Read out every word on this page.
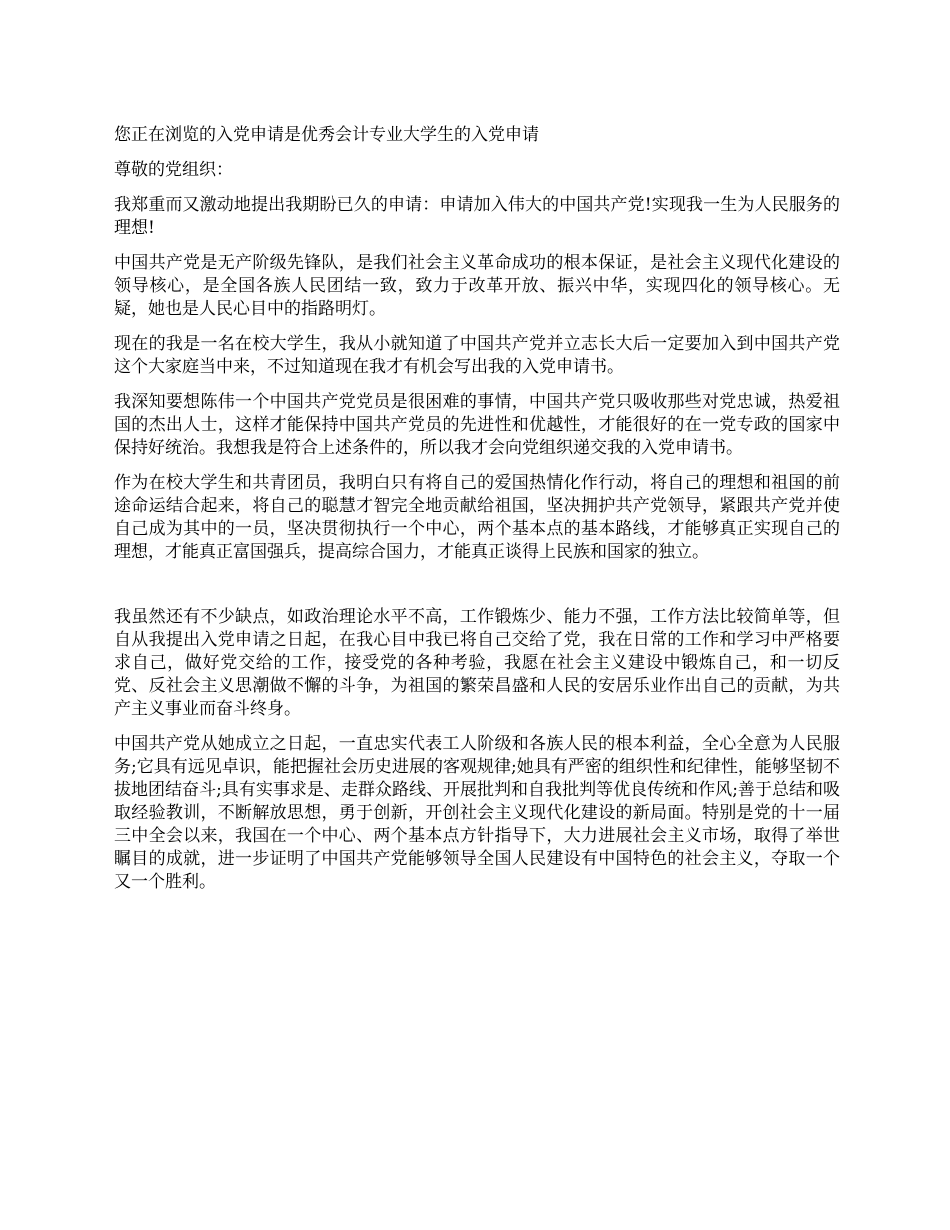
您正在浏览的入党申请是优秀会计专业大学生的入党申请

尊敬的党组织：

我郑重而又激动地提出我期盼已久的申请：申请加入伟大的中国共产党!实现我一生为人民服务的理想!

中国共产党是无产阶级先锋队，是我们社会主义革命成功的根本保证，是社会主义现代化建设的领导核心，是全国各族人民团结一致，致力于改革开放、振兴中华，实现四化的领导核心。无疑，她也是人民心目中的指路明灯。

现在的我是一名在校大学生，我从小就知道了中国共产党并立志长大后一定要加入到中国共产党这个大家庭当中来，不过知道现在我才有机会写出我的入党申请书。

我深知要想陈伟一个中国共产党党员是很困难的事情，中国共产党只吸收那些对党忠诚，热爱祖国的杰出人士，这样才能保持中国共产党员的先进性和优越性，才能很好的在一党专政的国家中保持好统治。我想我是符合上述条件的，所以我才会向党组织递交我的入党申请书。

作为在校大学生和共青团员，我明白只有将自己的爱国热情化作行动，将自己的理想和祖国的前途命运结合起来，将自己的聪慧才智完全地贡献给祖国，坚决拥护共产党领导，紧跟共产党并使自己成为其中的一员，坚决贯彻执行一个中心，两个基本点的基本路线，才能够真正实现自己的理想，才能真正富国强兵，提高综合国力，才能真正谈得上民族和国家的独立。

我虽然还有不少缺点，如政治理论水平不高，工作锻炼少、能力不强，工作方法比较简单等，但自从我提出入党申请之日起，在我心目中我已将自己交给了党，我在日常的工作和学习中严格要求自己，做好党交给的工作，接受党的各种考验，我愿在社会主义建设中锻炼自己，和一切反党、反社会主义思潮做不懈的斗争，为祖国的繁荣昌盛和人民的安居乐业作出自己的贡献，为共产主义事业而奋斗终身。

中国共产党从她成立之日起，一直忠实代表工人阶级和各族人民的根本利益，全心全意为人民服务;它具有远见卓识，能把握社会历史进展的客观规律;她具有严密的组织性和纪律性，能够坚韧不拔地团结奋斗;具有实事求是、走群众路线、开展批判和自我批判等优良传统和作风;善于总结和吸取经验教训，不断解放思想，勇于创新，开创社会主义现代化建设的新局面。特别是党的十一届三中全会以来，我国在一个中心、两个基本点方针指导下，大力进展社会主义市场，取得了举世瞩目的成就，进一步证明了中国共产党能够领导全国人民建设有中国特色的社会主义，夺取一个又一个胜利。
